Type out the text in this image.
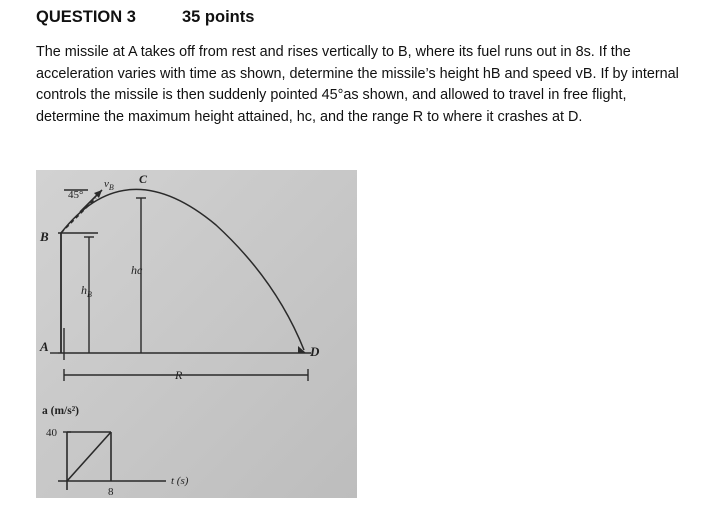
QUESTION 3	35 points
The missile at A takes off from rest and rises vertically to B, where its fuel runs out in 8s. If the acceleration varies with time as shown, determine the missile’s height hB and speed vB. If by internal controls the missile is then suddenly pointed 45°as shown, and allowed to travel in free flight, determine the maximum height attained, hc, and the range R to where it crashes at D.
B
A
C
D
45°
$v_B$
$h_B$
hc
R
a (m/s²)
40
t (s)
8
